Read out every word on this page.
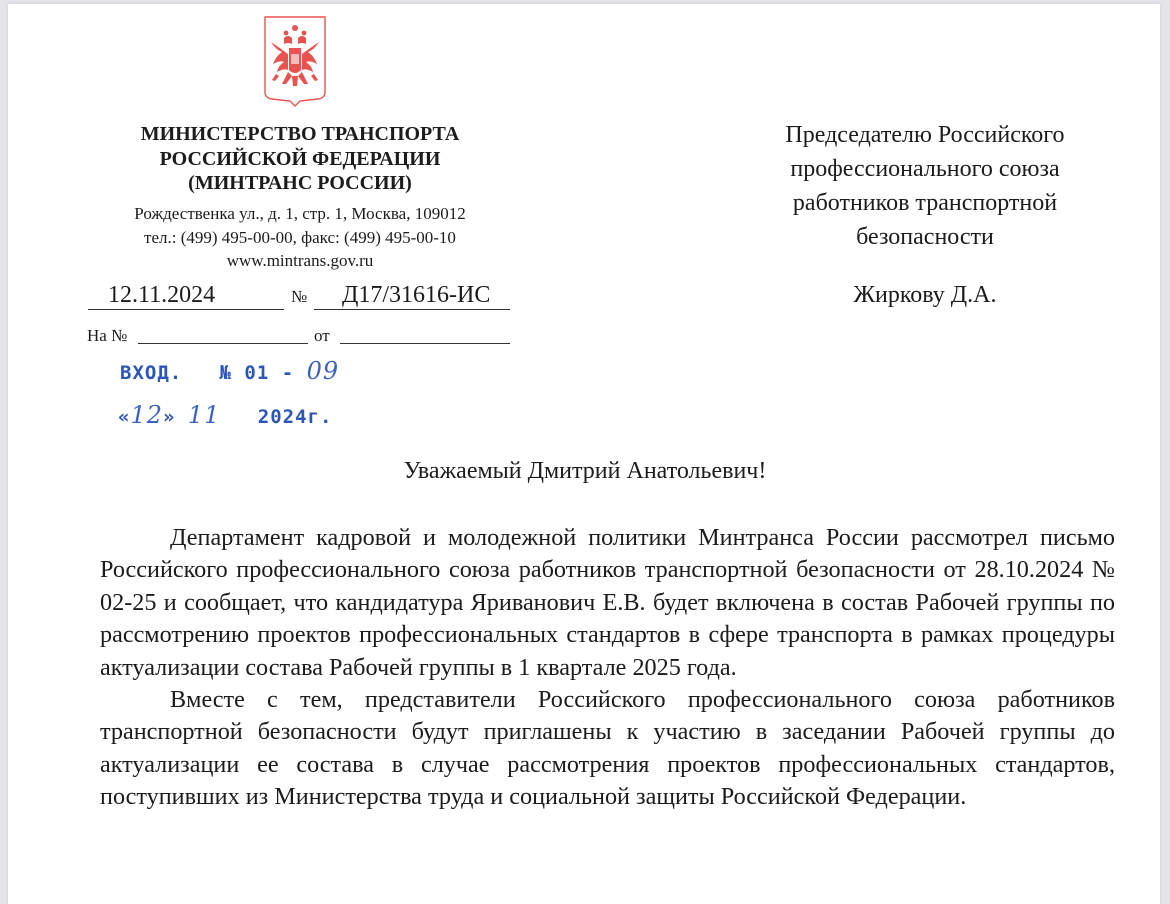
МИНИСТЕРСТВО ТРАНСПОРТА
РОССИЙСКОЙ ФЕДЕРАЦИИ
(МИНТРАНС РОССИИ)
Рождественка ул., д. 1, стр. 1, Москва, 109012
тел.: (499) 495-00-00, факс: (499) 495-00-10
www.mintrans.gov.ru
12.11.2024	№	Д17/31616-ИС
На №	от
ВХОД. № 01 - 09
«12» 11 2024г.
Председателю Российского
профессионального союза
работников транспортной
безопасности
Жиркову Д.А.
Уважаемый Дмитрий Анатольевич!

Департамент кадровой и молодежной политики Минтранса России рассмотрел письмо Российского профессионального союза работников транспортной безопасности от 28.10.2024 № 02-25 и сообщает, что кандидатура Яриванович Е.В. будет включена в состав Рабочей группы по рассмотрению проектов профессиональных стандартов в сфере транспорта в рамках процедуры актуализации состава Рабочей группы в 1 квартале 2025 года.

Вместе с тем, представители Российского профессионального союза работников транспортной безопасности будут приглашены к участию в заседании Рабочей группы до актуализации ее состава в случае рассмотрения проектов профессиональных стандартов, поступивших из Министерства труда и социальной защиты Российской Федерации.
